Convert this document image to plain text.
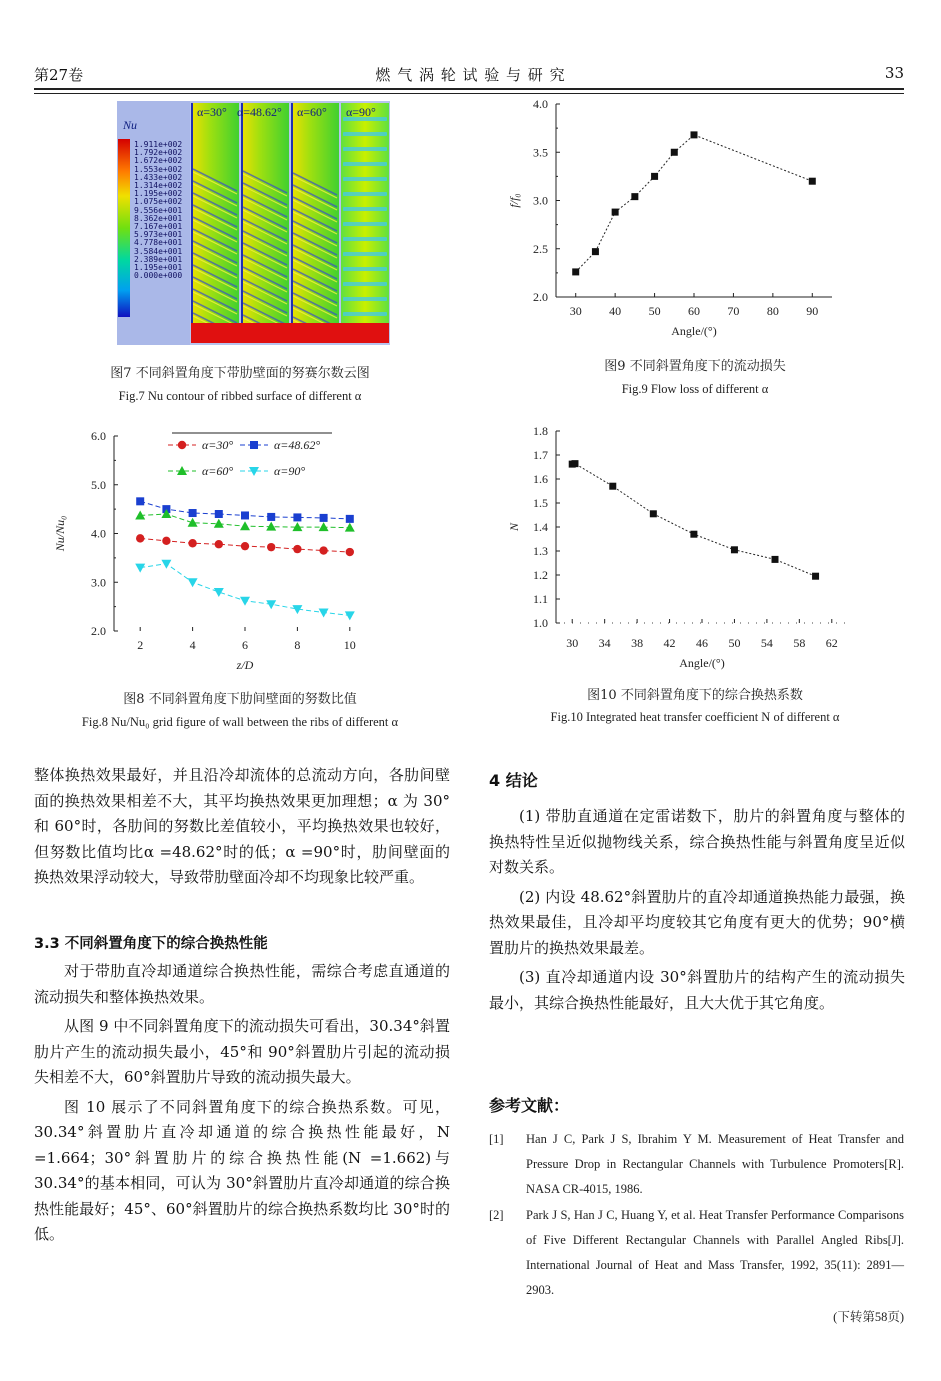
第27卷	燃 气 涡 轮 试 验 与 研 究	33
Nu
1.911e+002
1.792e+002
1.672e+002
1.553e+002
1.433e+002
1.314e+002
1.195e+002
1.075e+002
9.556e+001
8.362e+001
7.167e+001
5.973e+001
4.778e+001
3.584e+001
2.389e+001
1.195e+001
0.000e+000
α=30° α=48.62° α=60° α=90°
图7 不同斜置角度下带肋壁面的努赛尔数云图
Fig.7 Nu contour of ribbed surface of different α
2.0
3.0
4.0
5.0
6.0
2	4	6	8	10
z/D
Nu/Nu₀
α=30°	α=48.62°
α=60°	α=90°
图8 不同斜置角度下肋间壁面的努数比值
Fig.8 Nu/Nu₀ grid figure of wall between the ribs of different α
2.0
2.5
3.0
3.5
4.0
30 40 50 60 70 80 90
Angle/(°)
f/f₀
图9 不同斜置角度下的流动损失
Fig.9 Flow loss of different α
1.0
1.1
1.2
1.3
1.4
1.5
1.6
1.7
1.8
30 34 38 42 46 50 54 58 62
Angle/(°)
N
图10 不同斜置角度下的综合换热系数
Fig.10 Integrated heat transfer coefficient N of different α

整体换热效果最好，并且沿冷却流体的总流动方向，各肋间壁面的换热效果相差不大，其平均换热效果更加理想；α 为 30°和 60°时，各肋间的努数比差值较小，平均换热效果也较好，但努数比值均比α =48.62°时的低；α =90°时，肋间壁面的换热效果浮动较大，导致带肋壁面冷却不均现象比较严重。

3.3 不同斜置角度下的综合换热性能

对于带肋直冷却通道综合换热性能，需综合考虑直通道的流动损失和整体换热效果。

从图 9 中不同斜置角度下的流动损失可看出，30.34°斜置肋片产生的流动损失最小，45°和 90°斜置肋片引起的流动损失相差不大，60°斜置肋片导致的流动损失最大。

图 10 展示了不同斜置角度下的综合换热系数。可见，30.34°斜置肋片直冷却通道的综合换热性能最好，N =1.664；30°斜置肋片的综合换热性能(N =1.662)与 30.34°的基本相同，可认为 30°斜置肋片直冷却通道的综合换热性能最好；45°、60°斜置肋片的综合换热系数均比 30°时的低。

4 结论

(1) 带肋直通道在定雷诺数下，肋片的斜置角度与整体的换热特性呈近似抛物线关系，综合换热性能与斜置角度呈近似对数关系。

(2) 内设 48.62°斜置肋片的直冷却通道换热能力最强，换热效果最佳，且冷却平均度较其它角度有更大的优势；90°横置肋片的换热效果最差。

(3) 直冷却通道内设 30°斜置肋片的结构产生的流动损失最小，其综合换热性能最好，且大大优于其它角度。

参考文献：
[1] Han J C, Park J S, Ibrahim Y M. Measurement of Heat Transfer and Pressure Drop in Rectangular Channels with Turbulence Promoters[R]. NASA CR-4015, 1986.
[2] Park J S, Han J C, Huang Y, et al. Heat Transfer Performance Comparisons of Five Different Rectangular Channels with Parallel Angled Ribs[J]. International Journal of Heat and Mass Transfer, 1992, 35(11): 2891—2903.
(下转第58页)
